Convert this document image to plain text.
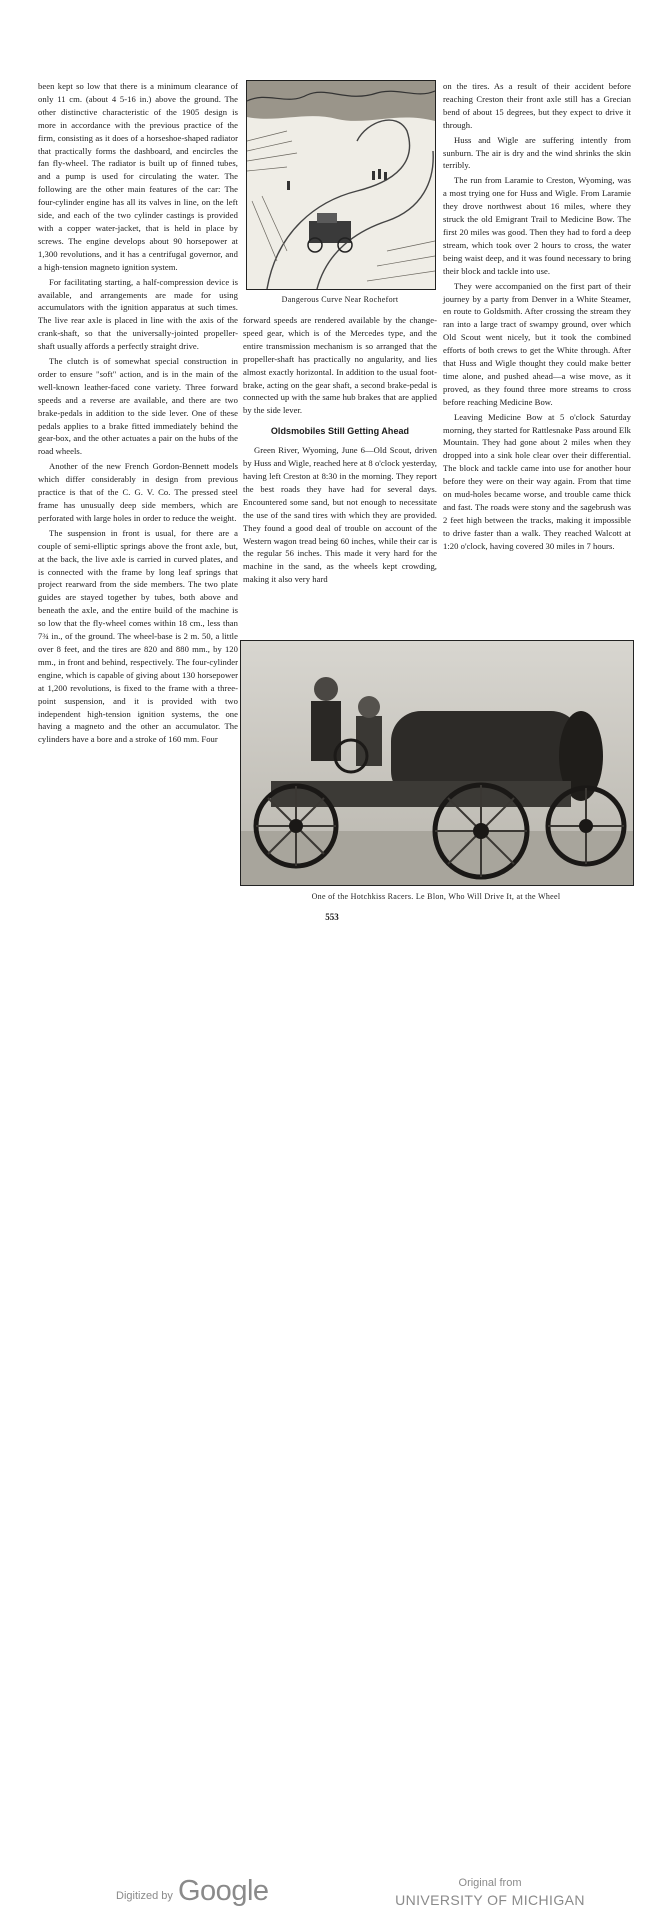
been kept so low that there is a minimum clearance of only 11 cm. (about 4 5-16 in.) above the ground. The other distinctive characteristic of the 1905 design is more in accordance with the previous practice of the firm, consisting as it does of a horseshoe-shaped radiator that practically forms the dashboard, and encircles the fan fly-wheel. The radiator is built up of finned tubes, and a pump is used for circulating the water. The following are the other main features of the car: The four-cylinder engine has all its valves in line, on the left side, and each of the two cylinder castings is provided with a copper water-jacket, that is held in place by screws. The engine develops about 90 horsepower at 1,300 revolutions, and it has a centrifugal governor, and a high-tension magneto ignition system.

For facilitating starting, a half-compression device is available, and arrangements are made for using accumulators with the ignition apparatus at such times. The live rear axle is placed in line with the axis of the crank-shaft, so that the universally-jointed propeller-shaft usually affords a perfectly straight drive.

The clutch is of somewhat special construction in order to ensure "soft" action, and is in the main of the well-known leather-faced cone variety. Three forward speeds and a reverse are available, and there are two brake-pedals in addition to the side lever. One of these pedals applies to a brake fitted immediately behind the gear-box, and the other actuates a pair on the hubs of the road wheels.

Another of the new French Gordon-Bennett models which differ considerably in design from previous practice is that of the C. G. V. Co. The pressed steel frame has unusually deep side members, which are perforated with large holes in order to reduce the weight.

The suspension in front is usual, for there are a couple of semi-elliptic springs above the front axle, but, at the back, the live axle is carried in curved plates, and is connected with the frame by long leaf springs that project rearward from the side members. The two plate guides are stayed together by tubes, both above and beneath the axle, and the entire build of the machine is so low that the fly-wheel comes within 18 cm., less than 7¾ in., of the ground. The wheel-base is 2 m. 50, a little over 8 feet, and the tires are 820 and 880 mm., by 120 mm., in front and behind, respectively. The four-cylinder engine, which is capable of giving about 130 horsepower at 1,200 revolutions, is fixed to the frame with a three-point suspension, and it is provided with two independent high-tension ignition systems, the one having a magneto and the other an accumulator. The cylinders have a bore and a stroke of 160 mm. Four

Dangerous Curve Near Rochefort

forward speeds are rendered available by the change-speed gear, which is of the Mercedes type, and the entire transmission mechanism is so arranged that the propeller-shaft has practically no angularity, and lies almost exactly horizontal. In addition to the usual foot-brake, acting on the gear shaft, a second brake-pedal is connected up with the same hub brakes that are applied by the side lever.

Oldsmobiles Still Getting Ahead

Green River, Wyoming, June 6—Old Scout, driven by Huss and Wigle, reached here at 8 o'clock yesterday, having left Creston at 8:30 in the morning. They report the best roads they have had for several days. Encountered some sand, but not enough to necessitate the use of the sand tires with which they are provided. They found a good deal of trouble on account of the Western wagon tread being 60 inches, while their car is the regular 56 inches. This made it very hard for the machine in the sand, as the wheels kept crowding, making it also very hard

on the tires. As a result of their accident before reaching Creston their front axle still has a Grecian bend of about 15 degrees, but they expect to drive it through.

Huss and Wigle are suffering intently from sunburn. The air is dry and the wind shrinks the skin terribly.

The run from Laramie to Creston, Wyoming, was a most trying one for Huss and Wigle. From Laramie they drove northwest about 16 miles, where they struck the old Emigrant Trail to Medicine Bow. The first 20 miles was good. Then they had to ford a deep stream, which took over 2 hours to cross, the water being waist deep, and it was found necessary to bring their block and tackle into use.

They were accompanied on the first part of their journey by a party from Denver in a White Steamer, en route to Goldsmith. After crossing the stream they ran into a large tract of swampy ground, over which Old Scout went nicely, but it took the combined efforts of both crews to get the White through. After that Huss and Wigle thought they could make better time alone, and pushed ahead—a wise move, as it proved, as they found three more streams to cross before reaching Medicine Bow.

Leaving Medicine Bow at 5 o'clock Saturday morning, they started for Rattlesnake Pass around Elk Mountain. They had gone about 2 miles when they dropped into a sink hole clear over their differential. The block and tackle came into use for another hour before they were on their way again. From that time on mud-holes became worse, and trouble came thick and fast. The roads were stony and the sagebrush was 2 feet high between the tracks, making it impossible to drive faster than a walk. They reached Walcott at 1:20 o'clock, having covered 30 miles in 7 hours.

One of the Hotchkiss Racers. Le Blon, Who Will Drive It, at the Wheel
553
Digitized by Google	Original from
UNIVERSITY OF MICHIGAN
